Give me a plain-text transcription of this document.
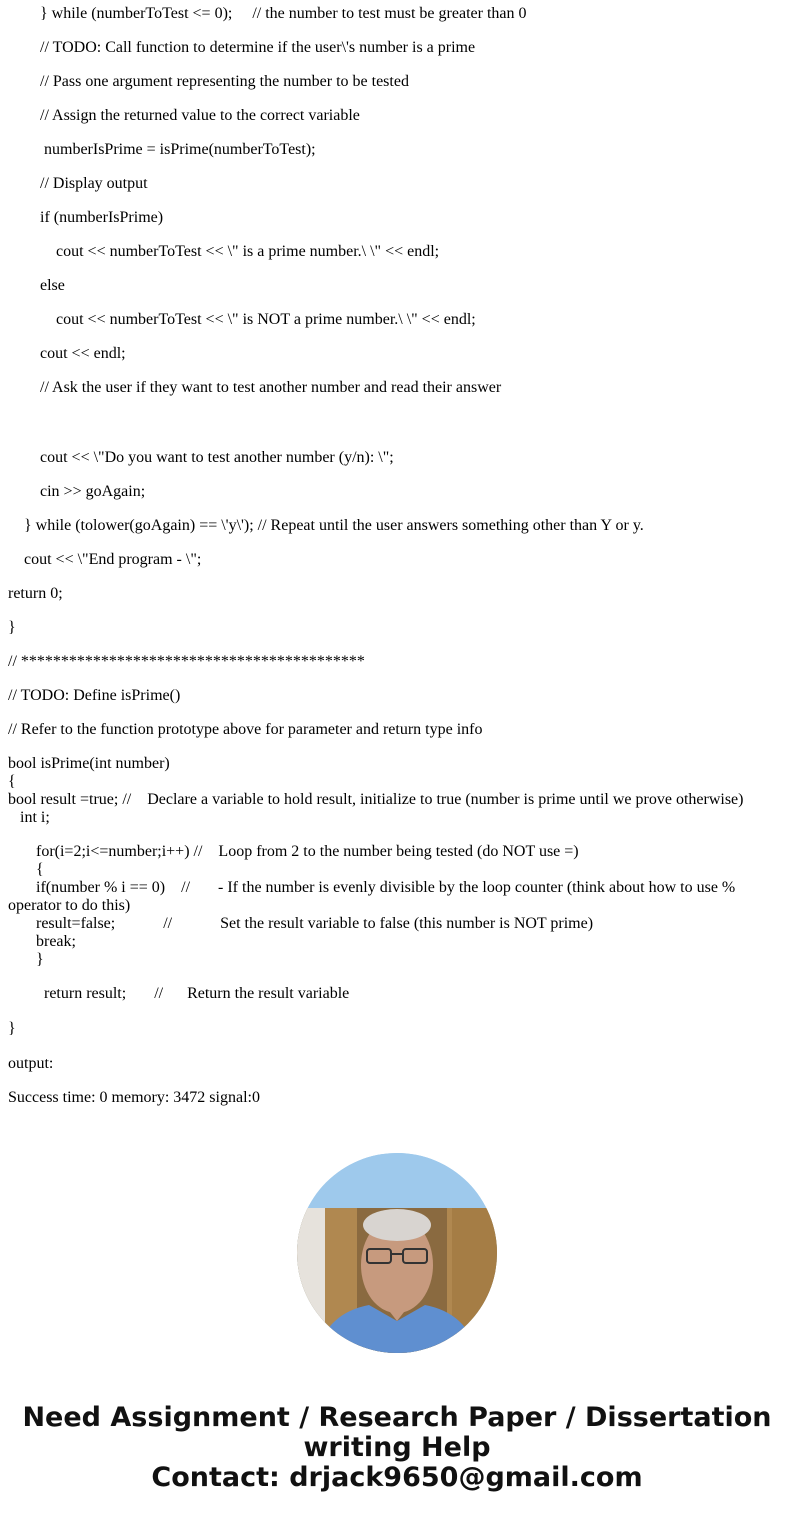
} while (numberToTest <= 0);     // the number to test must be greater than 0
// TODO: Call function to determine if the user\'s number is a prime
// Pass one argument representing the number to be tested
// Assign the returned value to the correct variable
numberIsPrime = isPrime(numberToTest);
// Display output
if (numberIsPrime)
cout << numberToTest << \" is a prime number.\ \" << endl;
else
cout << numberToTest << \" is NOT a prime number.\ \" << endl;
cout << endl;
// Ask the user if they want to test another number and read their answer
cout << \"Do you want to test another number (y/n): \";
cin >> goAgain;
} while (tolower(goAgain) == \'y\'); // Repeat until the user answers something other than Y or y.
cout << \"End program - \";
return 0;
}
// *******************************************
// TODO: Define isPrime()
// Refer to the function prototype above for parameter and return type info
bool isPrime(int number)
{
bool result =true; //    Declare a variable to hold result, initialize to true (number is prime until we prove otherwise)
int i;
for(i=2;i<=number;i++) //    Loop from 2 to the number being tested (do NOT use =)
{
if(number % i == 0)    //       - If the number is evenly divisible by the loop counter (think about how to use % operator to do this)
result=false;            //            Set the result variable to false (this number is NOT prime)
break;
}
return result;       //      Return the result variable
}
output:
Success time: 0 memory: 3472 signal:0
Need Assignment / Research Paper / Dissertation
writing Help
Contact: drjack9650@gmail.com
